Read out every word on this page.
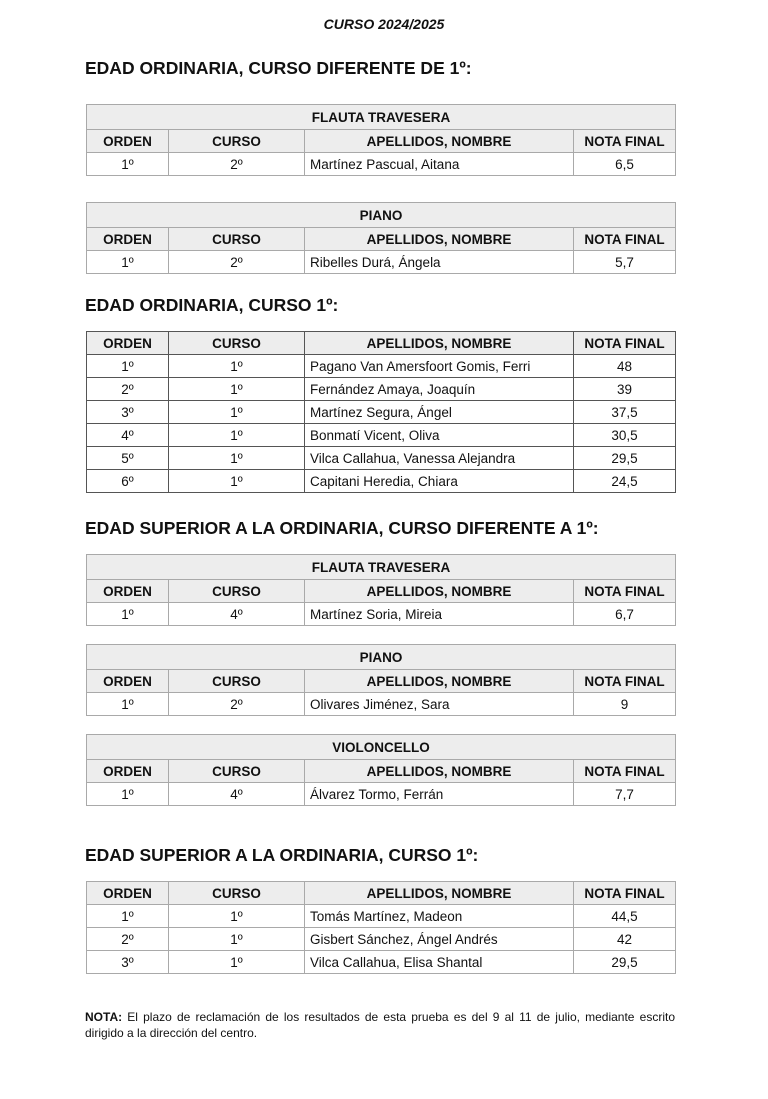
CURSO 2024/2025
EDAD ORDINARIA, CURSO DIFERENTE DE 1º:
FLAUTA TRAVESERA			
ORDEN	CURSO	APELLIDOS, NOMBRE	NOTA FINAL
1º	2º	Martínez Pascual, Aitana	6,5
PIANO			
ORDEN	CURSO	APELLIDOS, NOMBRE	NOTA FINAL
1º	2º	Ribelles Durá, Ángela	5,7
EDAD ORDINARIA, CURSO 1º:
ORDEN	CURSO	APELLIDOS, NOMBRE	NOTA FINAL
1º	1º	Pagano Van Amersfoort Gomis, Ferri	48
2º	1º	Fernández Amaya, Joaquín	39
3º	1º	Martínez Segura, Ángel	37,5
4º	1º	Bonmatí Vicent, Oliva	30,5
5º	1º	Vilca Callahua, Vanessa Alejandra	29,5
6º	1º	Capitani Heredia, Chiara	24,5
EDAD SUPERIOR A LA ORDINARIA, CURSO DIFERENTE A 1º:
FLAUTA TRAVESERA			
ORDEN	CURSO	APELLIDOS, NOMBRE	NOTA FINAL
1º	4º	Martínez Soria, Mireia	6,7
PIANO			
ORDEN	CURSO	APELLIDOS, NOMBRE	NOTA FINAL
1º	2º	Olivares Jiménez, Sara	9
VIOLONCELLO			
ORDEN	CURSO	APELLIDOS, NOMBRE	NOTA FINAL
1º	4º	Álvarez Tormo, Ferrán	7,7
EDAD SUPERIOR A LA ORDINARIA, CURSO 1º:
ORDEN	CURSO	APELLIDOS, NOMBRE	NOTA FINAL
1º	1º	Tomás Martínez, Madeon	44,5
2º	1º	Gisbert Sánchez, Ángel Andrés	42
3º	1º	Vilca Callahua, Elisa Shantal	29,5

NOTA: El plazo de reclamación de los resultados de esta prueba es del 9 al 11 de julio, mediante escrito dirigido a la dirección del centro.
